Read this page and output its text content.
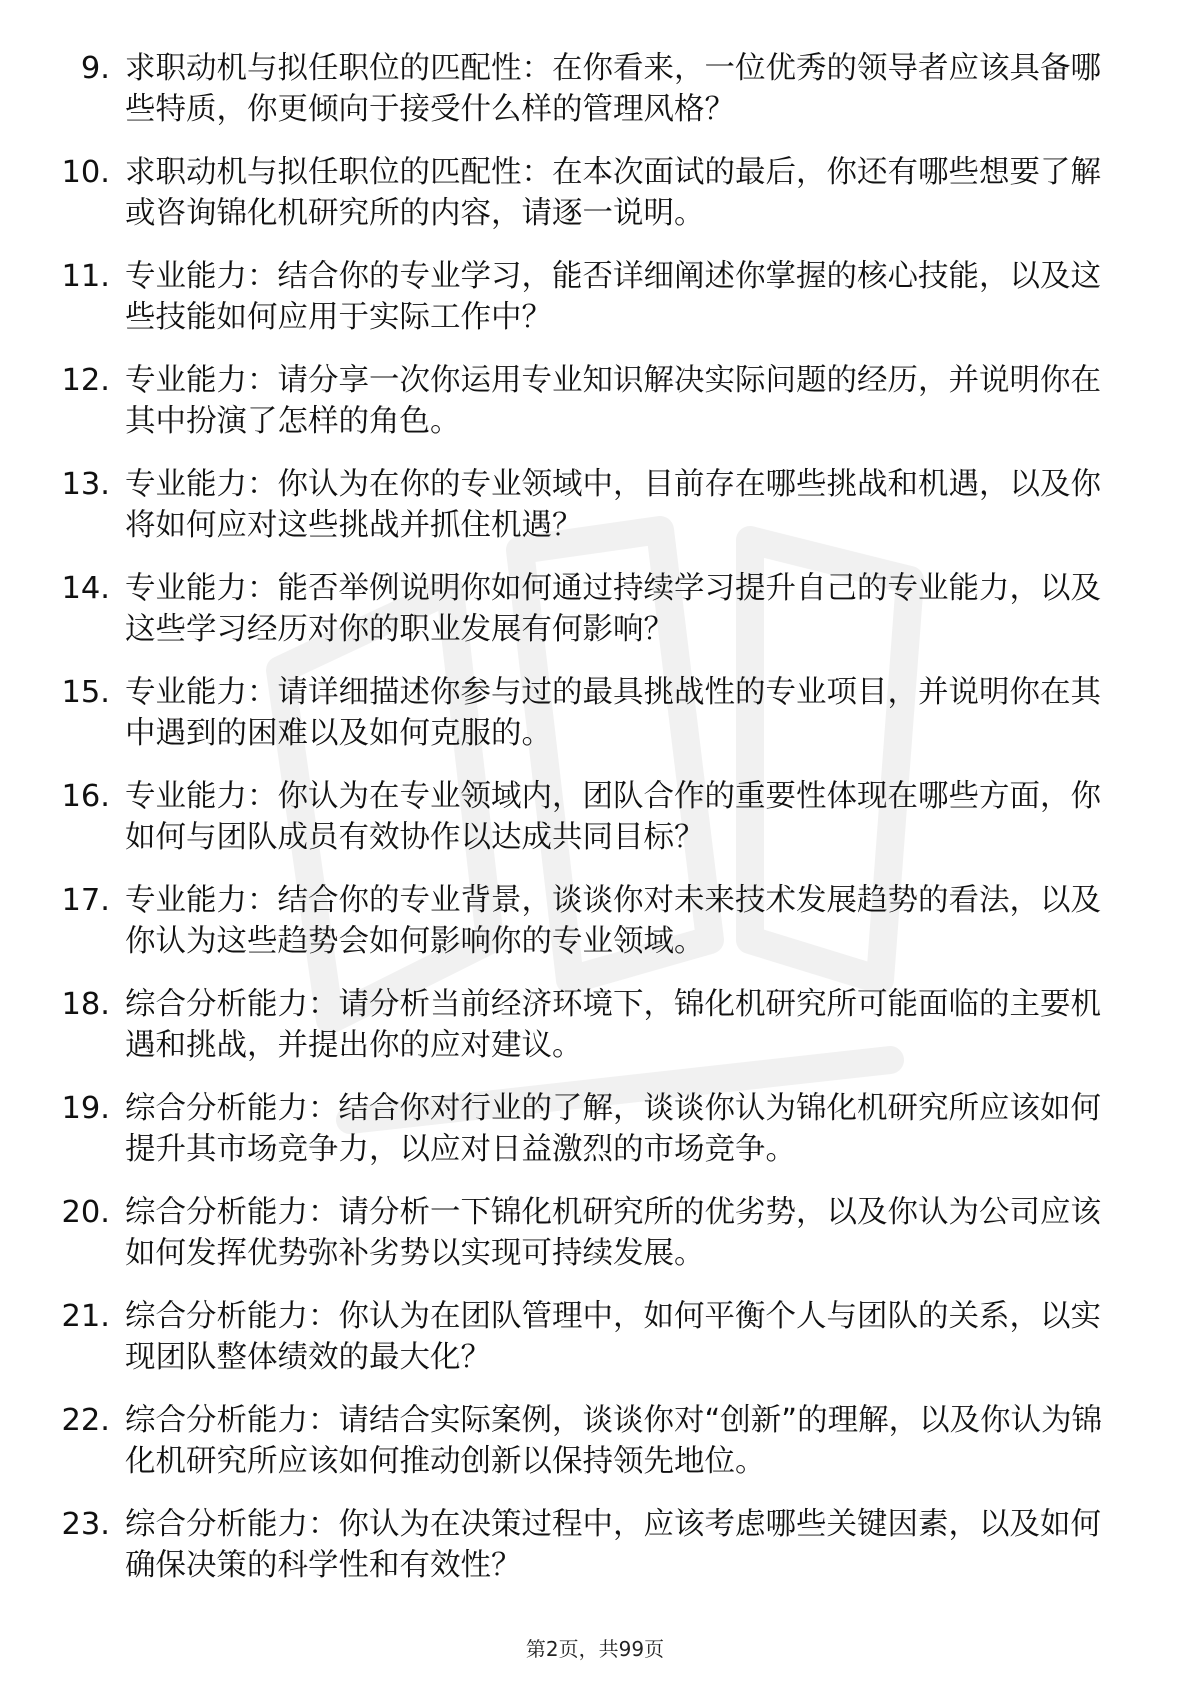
9. 求职动机与拟任职位的匹配性：在你看来，一位优秀的领导者应该具备哪些特质，你更倾向于接受什么样的管理风格？
10. 求职动机与拟任职位的匹配性：在本次面试的最后，你还有哪些想要了解或咨询锦化机研究所的内容，请逐一说明。
11. 专业能力：结合你的专业学习，能否详细阐述你掌握的核心技能，以及这些技能如何应用于实际工作中？
12. 专业能力：请分享一次你运用专业知识解决实际问题的经历，并说明你在其中扮演了怎样的角色。
13. 专业能力：你认为在你的专业领域中，目前存在哪些挑战和机遇，以及你将如何应对这些挑战并抓住机遇？
14. 专业能力：能否举例说明你如何通过持续学习提升自己的专业能力，以及这些学习经历对你的职业发展有何影响？
15. 专业能力：请详细描述你参与过的最具挑战性的专业项目，并说明你在其中遇到的困难以及如何克服的。
16. 专业能力：你认为在专业领域内，团队合作的重要性体现在哪些方面，你如何与团队成员有效协作以达成共同目标？
17. 专业能力：结合你的专业背景，谈谈你对未来技术发展趋势的看法，以及你认为这些趋势会如何影响你的专业领域。
18. 综合分析能力：请分析当前经济环境下，锦化机研究所可能面临的主要机遇和挑战，并提出你的应对建议。
19. 综合分析能力：结合你对行业的了解，谈谈你认为锦化机研究所应该如何提升其市场竞争力，以应对日益激烈的市场竞争。
20. 综合分析能力：请分析一下锦化机研究所的优劣势，以及你认为公司应该如何发挥优势弥补劣势以实现可持续发展。
21. 综合分析能力：你认为在团队管理中，如何平衡个人与团队的关系，以实现团队整体绩效的最大化？
22. 综合分析能力：请结合实际案例，谈谈你对“创新”的理解，以及你认为锦化机研究所应该如何推动创新以保持领先地位。
23. 综合分析能力：你认为在决策过程中，应该考虑哪些关键因素，以及如何确保决策的科学性和有效性？
第2页，共99页
